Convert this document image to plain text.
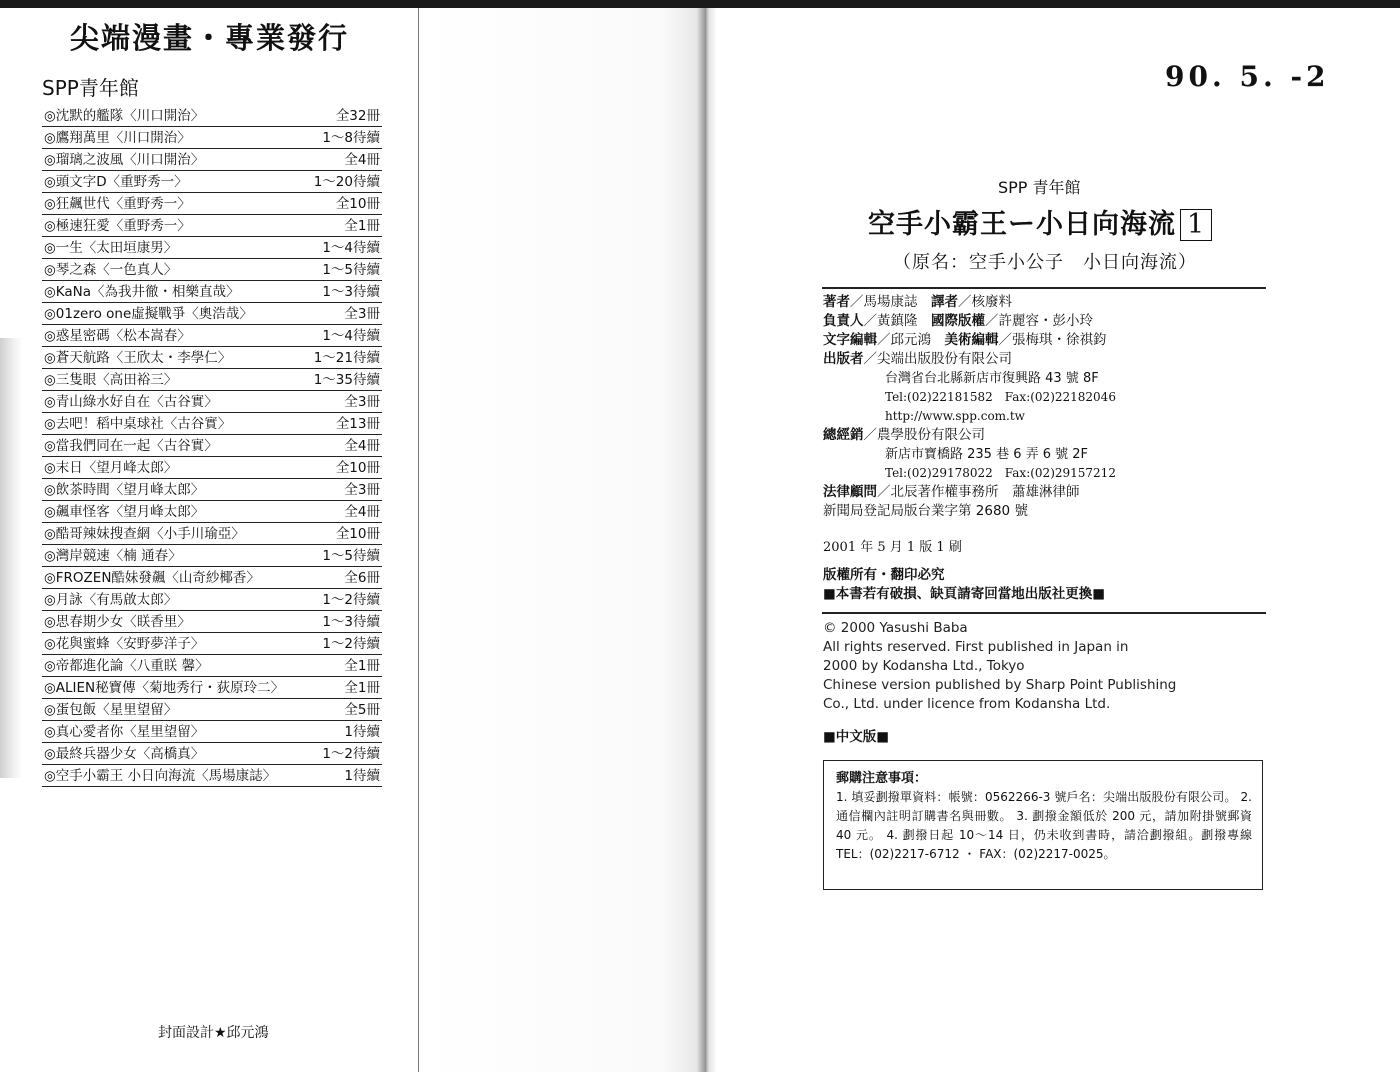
尖端漫畫・專業發行
SPP青年館
◎沈默的艦隊〈川口開治〉	全32冊
◎鷹翔萬里〈川口開治〉	1〜8待續
◎瑠璃之波風〈川口開治〉	全4冊
◎頭文字D〈重野秀一〉	1〜20待續
◎狂飆世代〈重野秀一〉	全10冊
◎極速狂愛〈重野秀一〉	全1冊
◎一生〈太田垣康男〉	1〜4待續
◎琴之森〈一色真人〉	1〜5待續
◎KaNa〈為我井徹・相樂直哉〉	1〜3待續
◎01zero one虛擬戰爭〈奧浩哉〉	全3冊
◎惑星密碼〈松本嵩春〉	1〜4待續
◎蒼天航路〈王欣太・李學仁〉	1〜21待續
◎三隻眼〈高田裕三〉	1〜35待續
◎青山綠水好自在〈古谷實〉	全3冊
◎去吧！稻中桌球社〈古谷實〉	全13冊
◎當我們同在一起〈古谷實〉	全4冊
◎末日〈望月峰太郎〉	全10冊
◎飲茶時間〈望月峰太郎〉	全3冊
◎飆車怪客〈望月峰太郎〉	全4冊
◎酷哥辣妹搜查網〈小手川瑜亞〉	全10冊
◎灣岸競速〈楠 通春〉	1〜5待續
◎FROZEN酷妹發飆〈山奇紗椰香〉	全6冊
◎月詠〈有馬啟太郎〉	1〜2待續
◎思春期少女〈眹香里〉	1〜3待續
◎花與蜜蜂〈安野夢洋子〉	1〜2待續
◎帝都進化論〈八重眹 馨〉	全1冊
◎ALIEN秘寶傳〈菊地秀行・荻原玲二〉	全1冊
◎蛋包飯〈星里望留〉	全5冊
◎真心愛者你〈星里望留〉	1待續
◎最終兵器少女〈高橋真〉	1〜2待續
◎空手小霸王 小日向海流〈馬場康誌〉	1待續
封面設計★邱元鴻
90. 5. -2
SPP 青年館
空手小霸王ー小日向海流 1
（原名：空手小公子　小日向海流）
著者／馬場康誌　譯者／核廢料
負責人／黃鎮隆　國際版權／許麗容・彭小玲
文字編輯／邱元鴻　美術編輯／張梅琪・徐祺鈞
出版者／尖端出版股份有限公司
台灣省台北縣新店市復興路 43 號 8F
Tel:(02)22181582　Fax:(02)22182046
http://www.spp.com.tw
總經銷／農學股份有限公司
新店市寶橋路 235 巷 6 弄 6 號 2F
Tel:(02)29178022　Fax:(02)29157212
法律顧問／北辰著作權事務所　蕭雄淋律師
新聞局登記局版台業字第 2680 號
2001 年 5 月 1 版 1 刷
版權所有・翻印必究
■本書若有破損、缺頁請寄回當地出版社更換■
© 2000 Yasushi Baba
All rights reserved. First published in Japan in
2000 by Kodansha Ltd., Tokyo
Chinese version published by Sharp Point Publishing
Co., Ltd. under licence from Kodansha Ltd.
■中文版■
郵購注意事項：
1. 填妥劃撥單資料：帳號：0562266-3 號戶名：尖端出版股份有限公司。 2. 通信欄內註明訂購書名與冊數。 3. 劃撥金額低於 200 元，請加附掛號郵資 40 元。 4. 劃撥日起 10〜14 日，仍未收到書時，請洽劃撥組。劃撥專線 TEL：(02)2217-6712 ・ FAX：(02)2217-0025。
